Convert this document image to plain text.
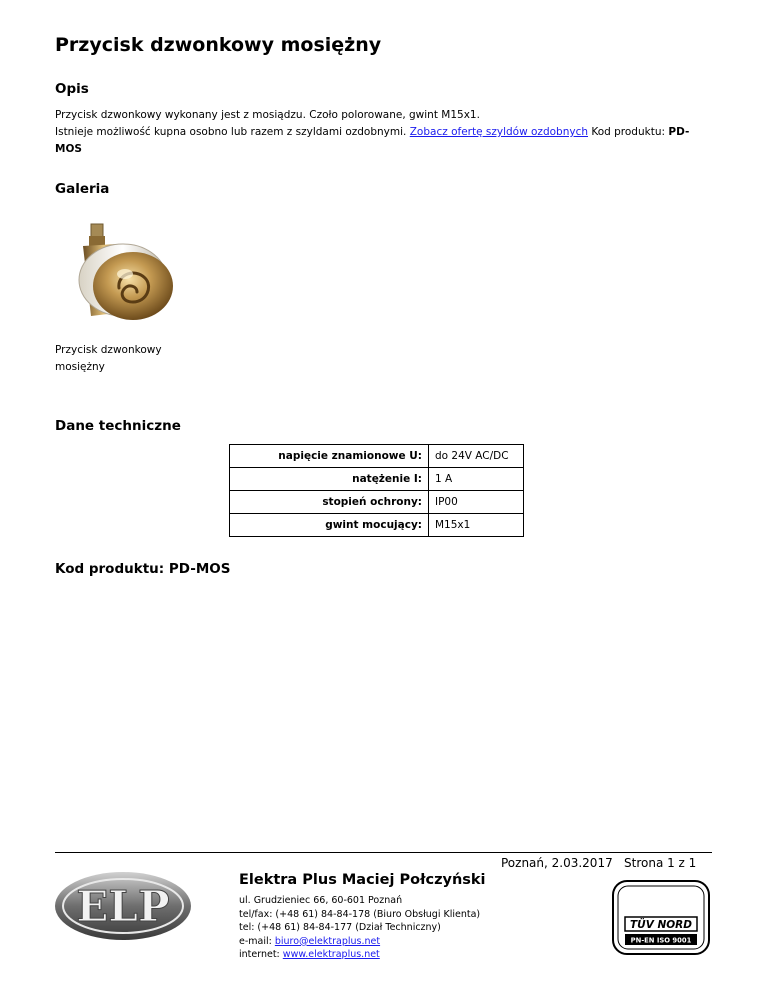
Przycisk dzwonkowy mosiężny
Opis
Przycisk dzwonkowy wykonany jest z mosiądzu. Czoło polorowane, gwint M15x1.
Istnieje możliwość kupna osobno lub razem z szyldami ozdobnymi. Zobacz ofertę szyldów ozdobnych Kod produktu: PD-MOS
Galeria
Przycisk dzwonkowy
mosiężny
Dane techniczne
napięcie znamionowe U:	do 24V AC/DC
natężenie I:	1 A
stopień ochrony:	IP00
gwint mocujący:	M15x1
Kod produktu: PD-MOS
Poznań, 2.03.2017 Strona 1 z 1
ELP
Elektra Plus Maciej Połczyński
ul. Grudzieniec 66, 60-601 Poznań
tel/fax: (+48 61) 84-84-178 (Biuro Obsługi Klienta)
tel: (+48 61) 84-84-177 (Dział Techniczny)
e-mail: biuro@elektraplus.net
internet: www.elektraplus.net
TÜV NORD
PN-EN ISO 9001
